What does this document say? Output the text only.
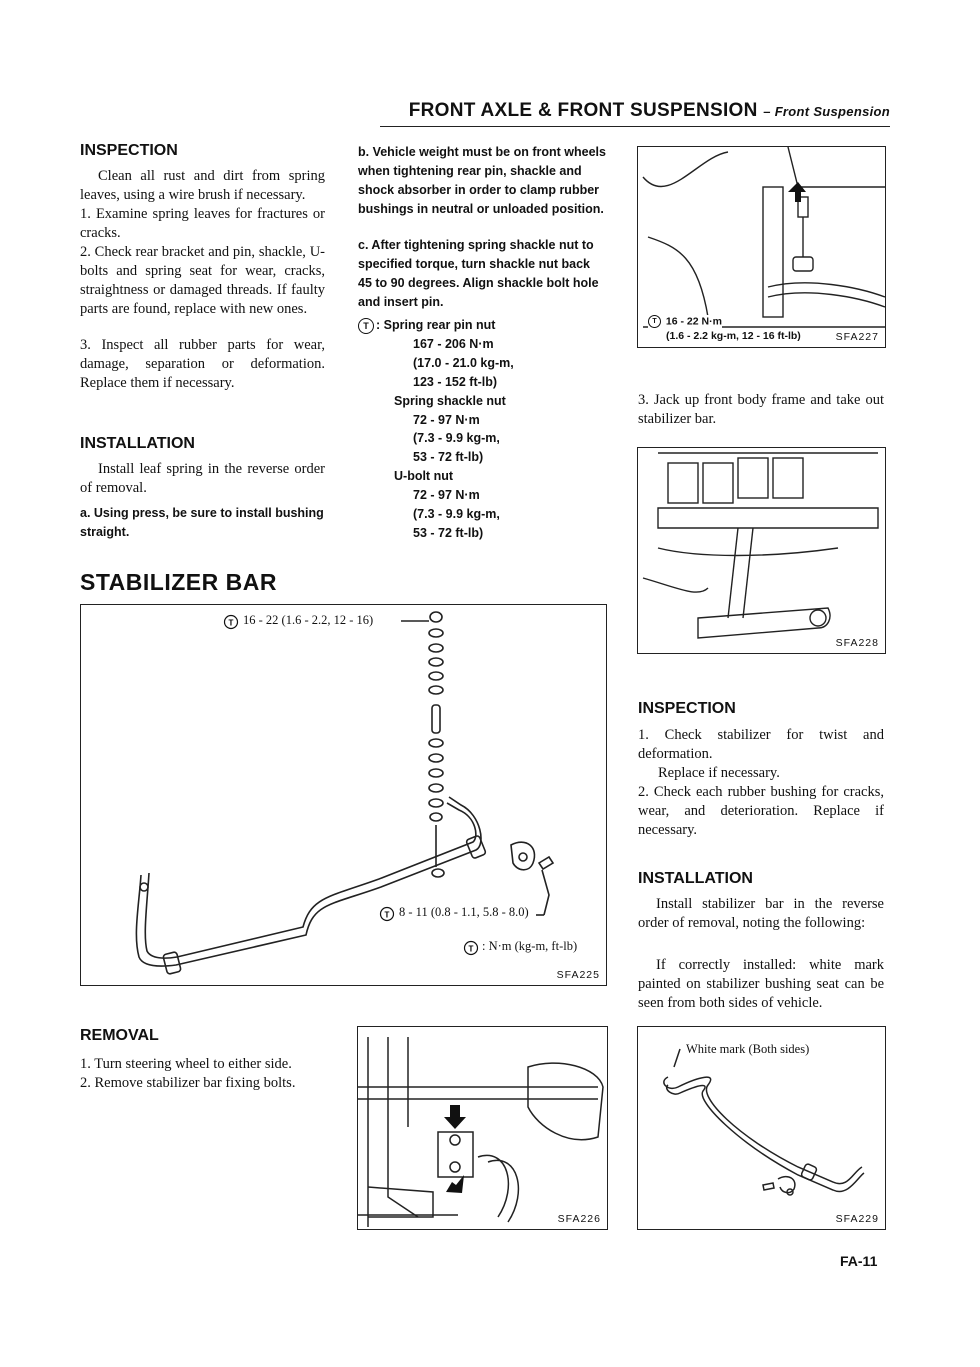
FRONT AXLE & FRONT SUSPENSION – Front Suspension
INSPECTION

Clean all rust and dirt from spring leaves, using a wire brush if necessary.

1. Examine spring leaves for fractures or cracks.

2. Check rear bracket and pin, shackle, U-bolts and spring seat for wear, cracks, straightness or damaged threads. If faulty parts are found, replace with new ones.

3. Inspect all rubber parts for wear, damage, separation or deformation. Replace them if necessary.

INSTALLATION

Install leaf spring in the reverse order of removal.

a. Using press, be sure to install bushing straight.

b. Vehicle weight must be on front wheels when tightening rear pin, shackle and shock absorber in order to clamp rubber bushings in neutral or unloaded position.

c. After tightening spring shackle nut to specified torque, turn shackle nut back 45 to 90 degrees. Align shackle bolt hole and insert pin.

T : Spring rear pin nut
167 - 206 N·m
(17.0 - 21.0 kg-m,
123 - 152 ft-lb)
Spring shackle nut
72 - 97 N·m
(7.3 - 9.9 kg-m,
53 - 72 ft-lb)
U-bolt nut
72 - 97 N·m
(7.3 - 9.9 kg-m,
53 - 72 ft-lb)
STABILIZER BAR
T
T
T
16 - 22 (1.6 - 2.2, 12 - 16)
8 - 11 (0.8 - 1.1, 5.8 - 8.0)
: N·m (kg-m, ft-lb)
SFA225
REMOVAL

1. Turn steering wheel to either side.

2. Remove stabilizer bar fixing bolts.

SFA226
T 16 - 22 N·m
(1.6 - 2.2 kg-m, 12 - 16 ft-lb)	SFA227

3. Jack up front body frame and take out stabilizer bar.

SFA228
INSPECTION

1. Check stabilizer for twist and deformation.

Replace if necessary.

2. Check each rubber bushing for cracks, wear, and deterioration. Replace if necessary.

INSTALLATION

Install stabilizer bar in the reverse order of removal, noting the following:

If correctly installed: white mark painted on stabilizer bushing seat can be seen from both sides of vehicle.

White mark (Both sides)
SFA229
FA-11
